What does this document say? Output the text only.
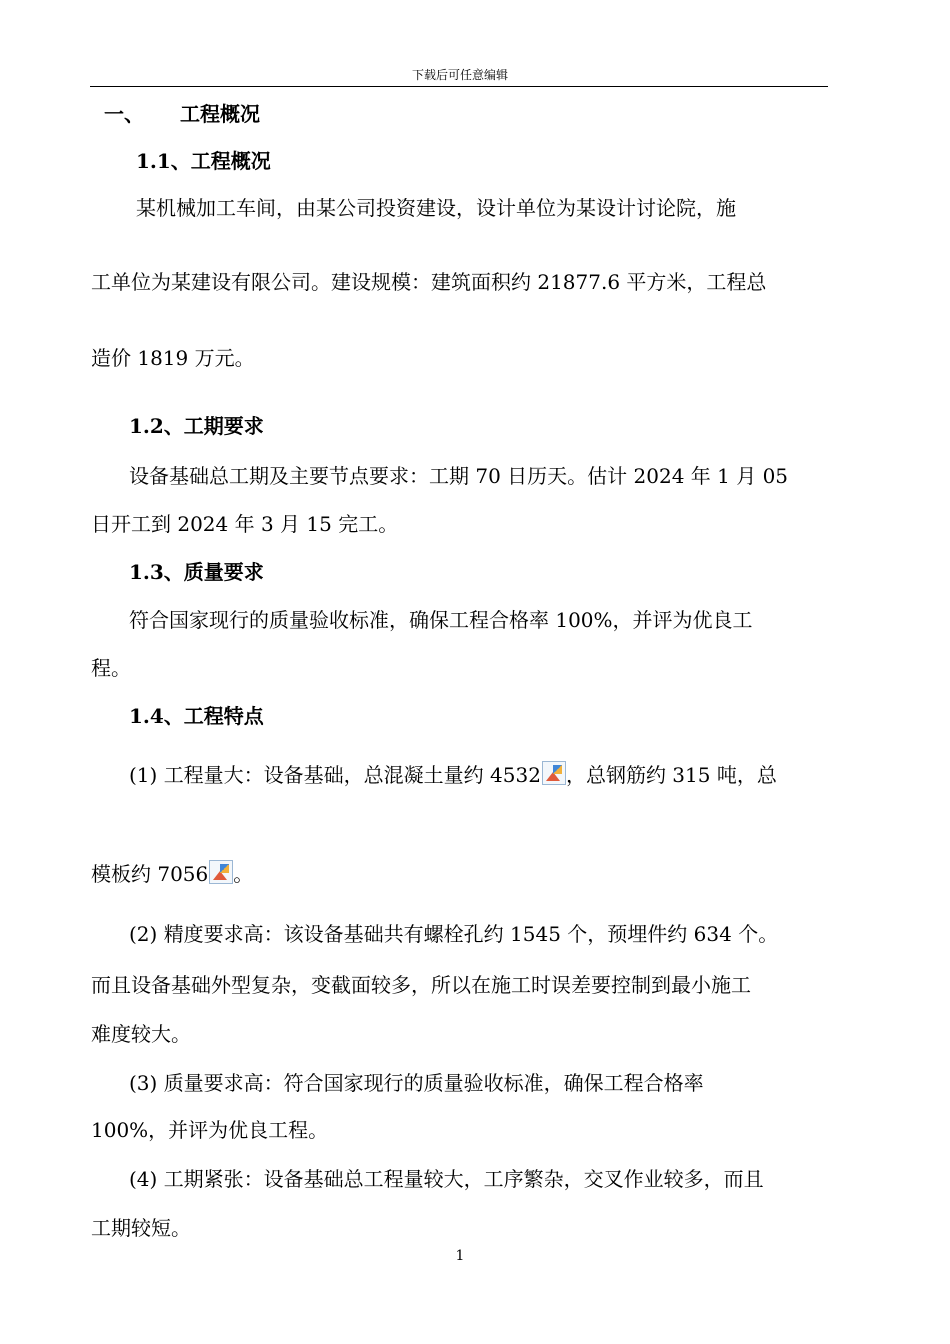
下载后可任意编辑
一、 工程概况
1.1、工程概况
某机械加工车间，由某公司投资建设，设计单位为某设计讨论院，施
工单位为某建设有限公司。建设规模：建筑面积约 21877.6 平方米，工程总
造价 1819 万元。
1.2、工期要求
设备基础总工期及主要节点要求：工期 70 日历天。估计 2024 年 1 月 05
日开工到 2024 年 3 月 15 完工。
1.3、质量要求
符合国家现行的质量验收标准，确保工程合格率 100%，并评为优良工
程。
1.4、工程特点
(1) 工程量大：设备基础，总混凝土量约 4532 ，总钢筋约 315 吨，总
模板约 7056 。
(2) 精度要求高：该设备基础共有螺栓孔约 1545 个，预埋件约 634 个。
而且设备基础外型复杂，变截面较多，所以在施工时误差要控制到最小施工
难度较大。
(3) 质量要求高：符合国家现行的质量验收标准，确保工程合格率
100%，并评为优良工程。
(4) 工期紧张：设备基础总工程量较大，工序繁杂，交叉作业较多，而且
工期较短。
1
